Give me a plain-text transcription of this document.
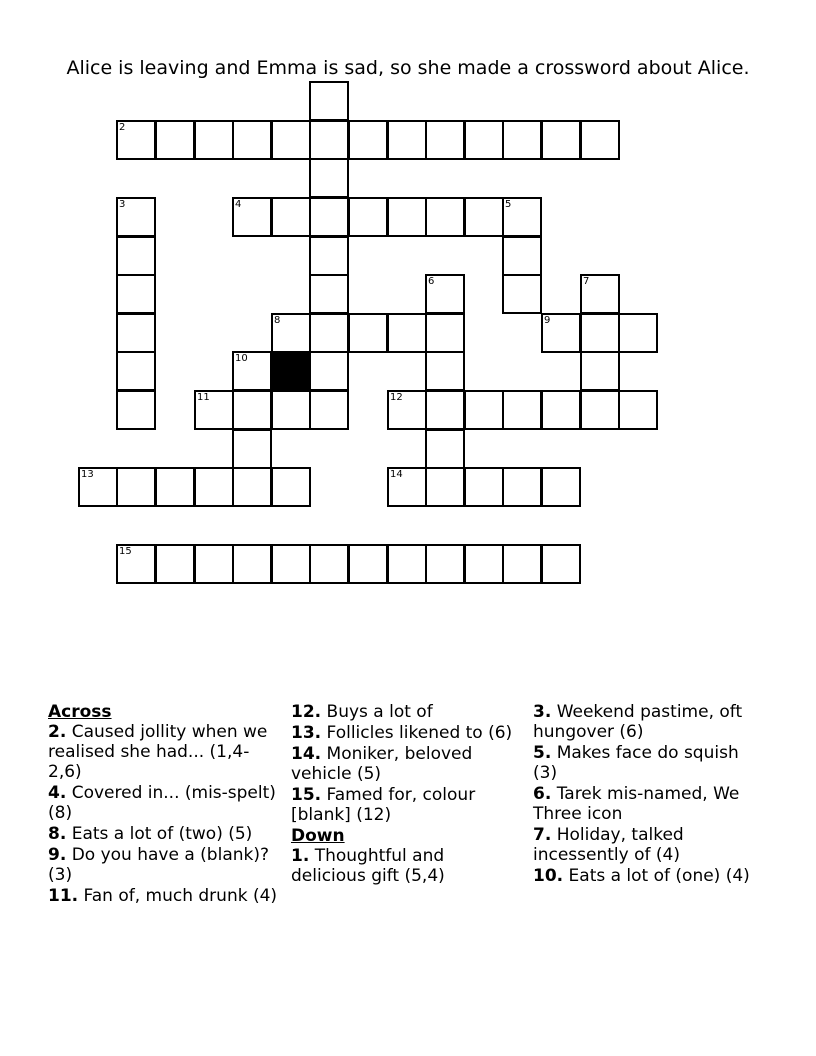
Alice is leaving and Emma is sad, so she made a crossword about Alice.
2
3	4	5
6	7
8	9
10
11	12
13	14
15
Across
2. Caused jollity when we realised she had... (1,4-2,6)
4. Covered in... (mis-spelt) (8)
8. Eats a lot of (two) (5)
9. Do you have a (blank)? (3)
11. Fan of, much drunk (4)
12. Buys a lot of
13. Follicles likened to (6)
14. Moniker, beloved vehicle (5)
15. Famed for, colour [blank] (12)
Down
1. Thoughtful and delicious gift (5,4)
3. Weekend pastime, oft hungover (6)
5. Makes face do squish (3)
6. Tarek mis-named, We Three icon
7. Holiday, talked incessently of (4)
10. Eats a lot of (one) (4)
